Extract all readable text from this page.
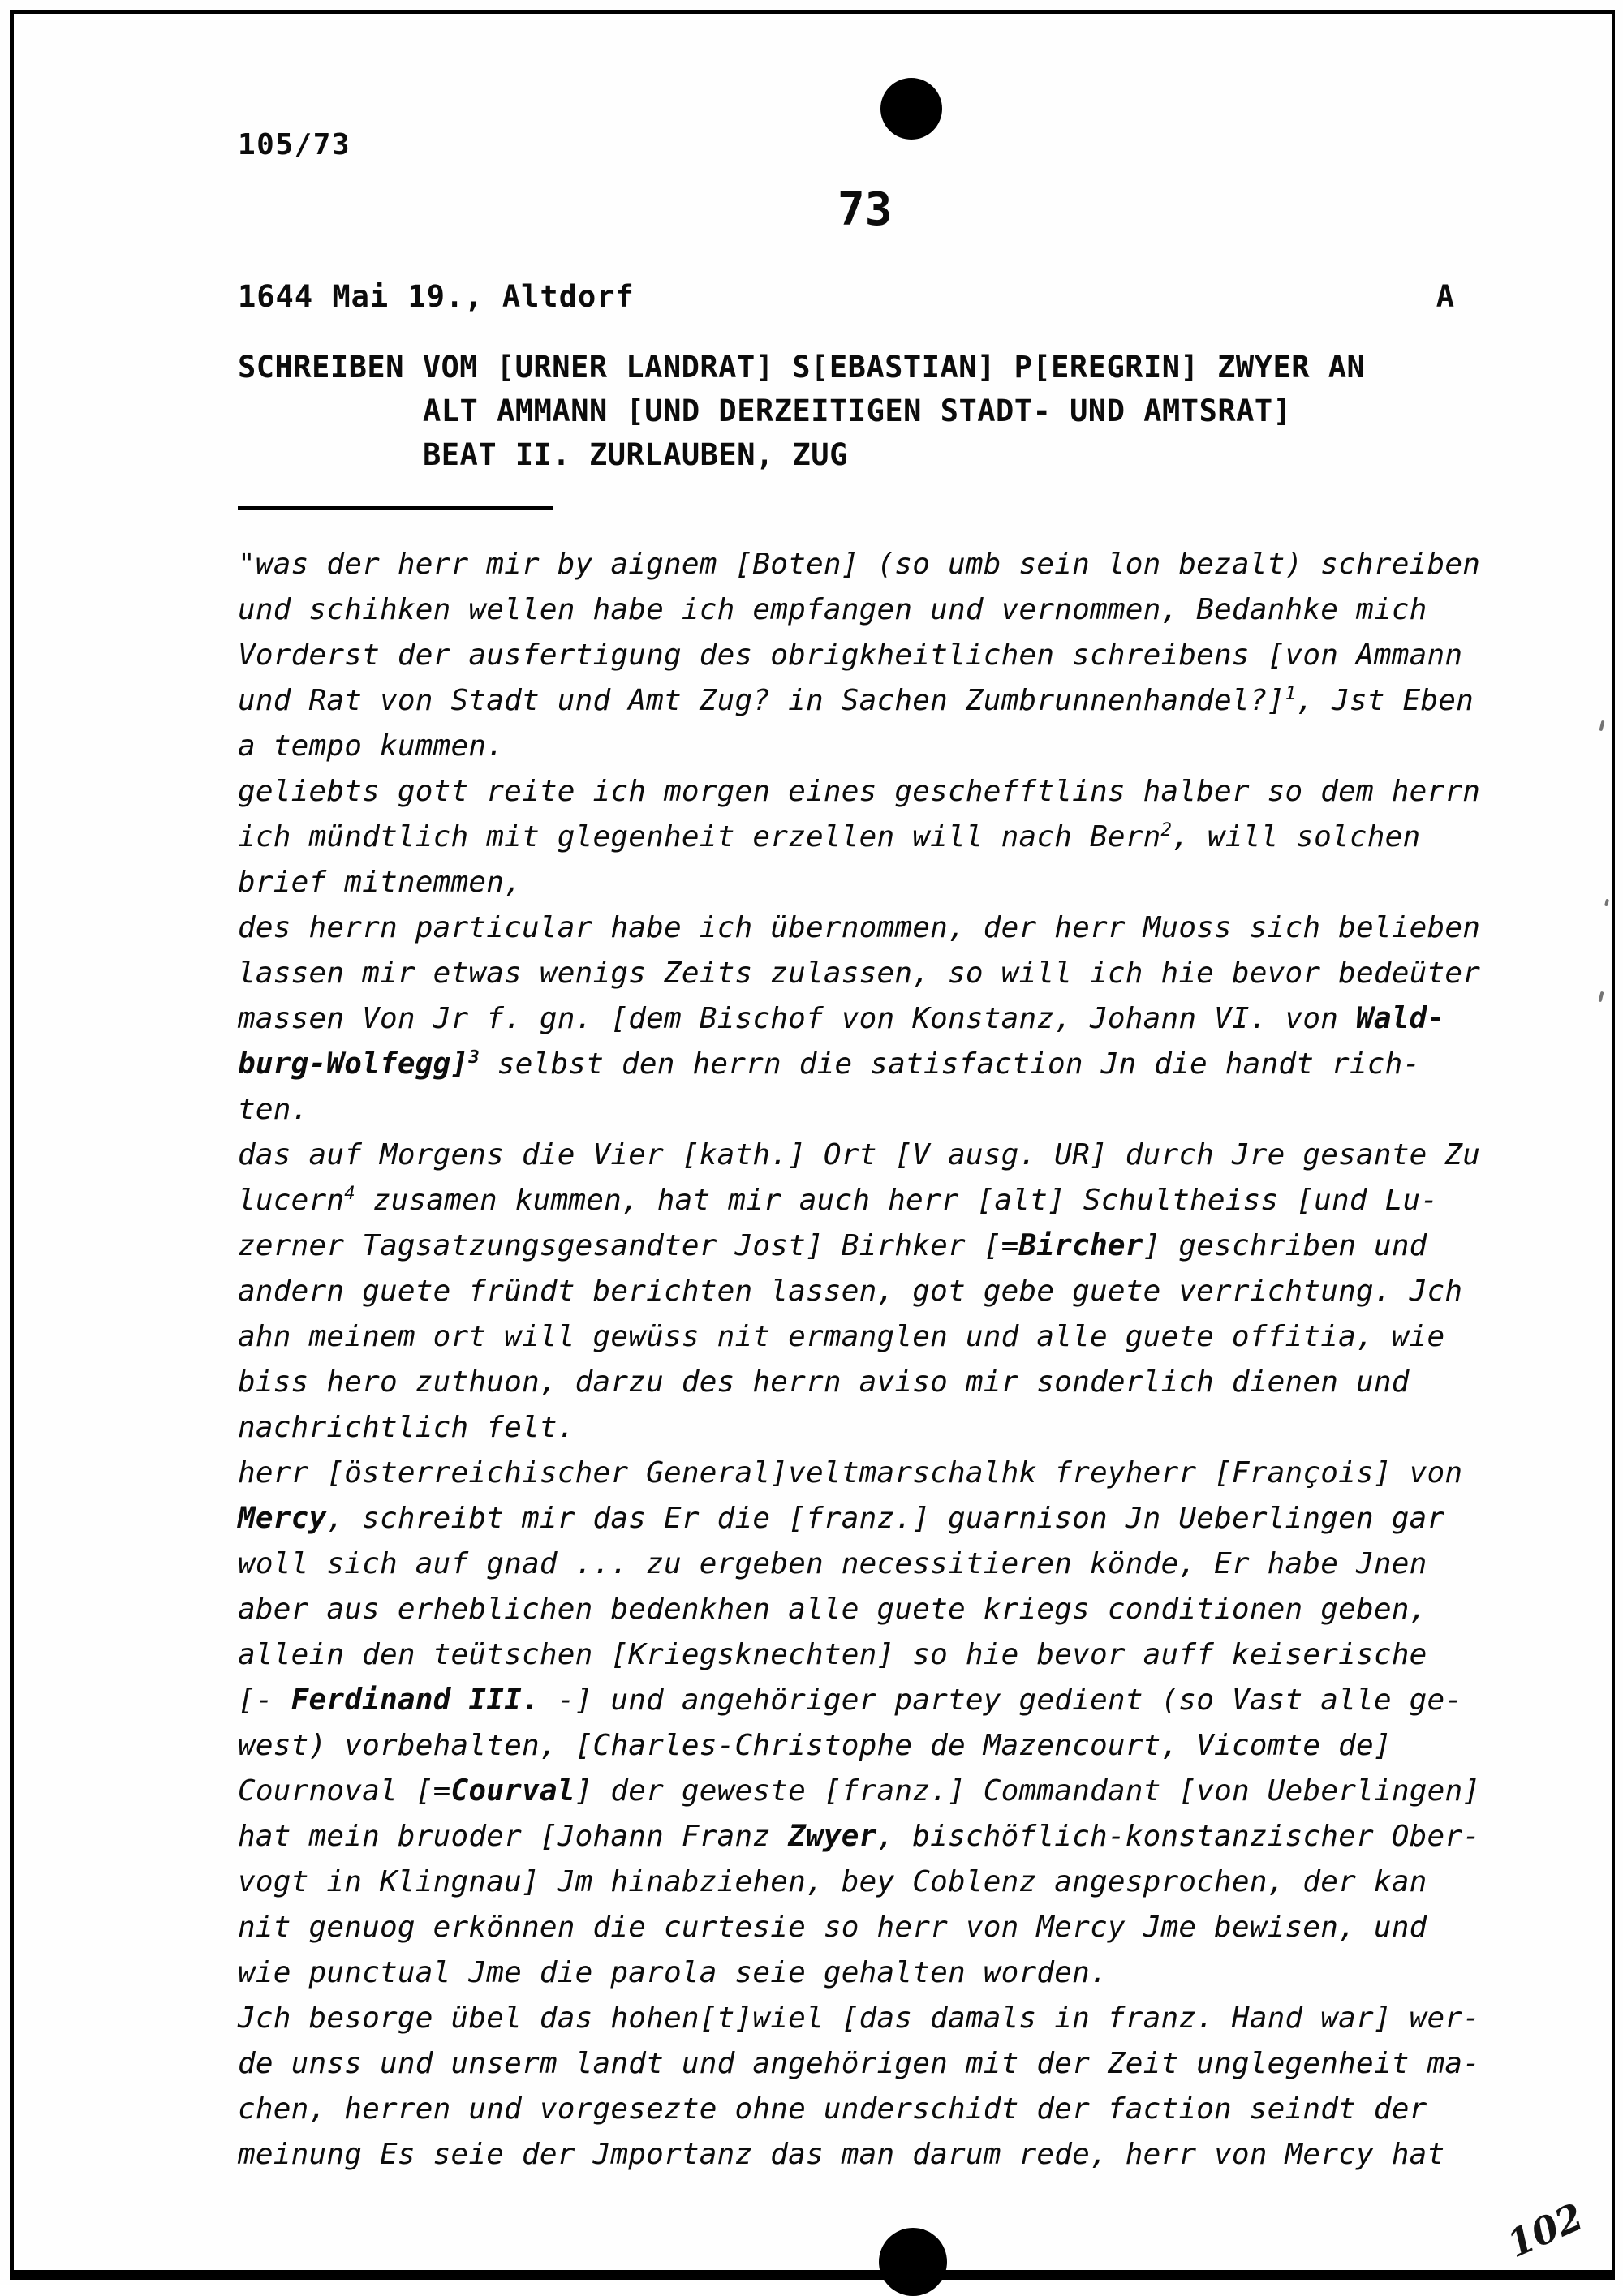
105/73
73
1644 Mai 19., Altdorf	A
SCHREIBEN VOM [URNER LANDRAT] S[EBASTIAN] P[EREGRIN] ZWYER AN
ALT AMMANN [UND DERZEITIGEN STADT- UND AMTSRAT]
BEAT II. ZURLAUBEN, ZUG
"was der herr mir by aignem [Boten] (so umb sein lon bezalt) schreiben
und schihken wellen habe ich empfangen und vernommen, Bedanhke mich
Vorderst der ausfertigung des obrigkheitlichen schreibens [von Ammann
und Rat von Stadt und Amt Zug? in Sachen Zumbrunnenhandel?]$^1$, Jst Eben
a tempo kummen.
geliebts gott reite ich morgen eines geschefftlins halber so dem herrn
ich mündtlich mit glegenheit erzellen will nach Bern$^2$, will solchen
brief mitnemmen,
des herrn particular habe ich übernommen, der herr Muoss sich belieben
lassen mir etwas wenigs Zeits zulassen, so will ich hie bevor bedeüter
massen Von Jr f. gn. [dem Bischof von Konstanz, Johann VI. von Wald-
burg-Wolfegg]$^3$ selbst den herrn die satisfaction Jn die handt rich-
ten.
das auf Morgens die Vier [kath.] Ort [V ausg. UR] durch Jre gesante Zu
lucern$^4$ zusamen kummen, hat mir auch herr [alt] Schultheiss [und Lu-
zerner Tagsatzungsgesandter Jost] Birhker [=Bircher] geschriben und
andern guete fründt berichten lassen, got gebe guete verrichtung. Jch
ahn meinem ort will gewüss nit ermanglen und alle guete offitia, wie
biss hero zuthuon, darzu des herrn aviso mir sonderlich dienen und
nachrichtlich felt.
herr [österreichischer General]veltmarschalhk freyherr [François] von
Mercy, schreibt mir das Er die [franz.] guarnison Jn Ueberlingen gar
woll sich auf gnad ... zu ergeben necessitieren könde, Er habe Jnen
aber aus erheblichen bedenkhen alle guete kriegs conditionen geben,
allein den teütschen [Kriegsknechten] so hie bevor auff keiserische
[- Ferdinand III. -] und angehöriger partey gedient (so Vast alle ge-
west) vorbehalten, [Charles-Christophe de Mazencourt, Vicomte de]
Cournoval [=Courval] der geweste [franz.] Commandant [von Ueberlingen]
hat mein bruoder [Johann Franz Zwyer, bischöflich-konstanzischer Ober-
vogt in Klingnau] Jm hinabziehen, bey Coblenz angesprochen, der kan
nit genuog erkönnen die curtesie so herr von Mercy Jme bewisen, und
wie punctual Jme die parola seie gehalten worden.
Jch besorge übel das hohen[t]wiel [das damals in franz. Hand war] wer-
de unss und unserm landt und angehörigen mit der Zeit unglegenheit ma-
chen, herren und vorgesezte ohne underschidt der faction seindt der
meinung Es seie der Jmportanz das man darum rede, herr von Mercy hat
102
